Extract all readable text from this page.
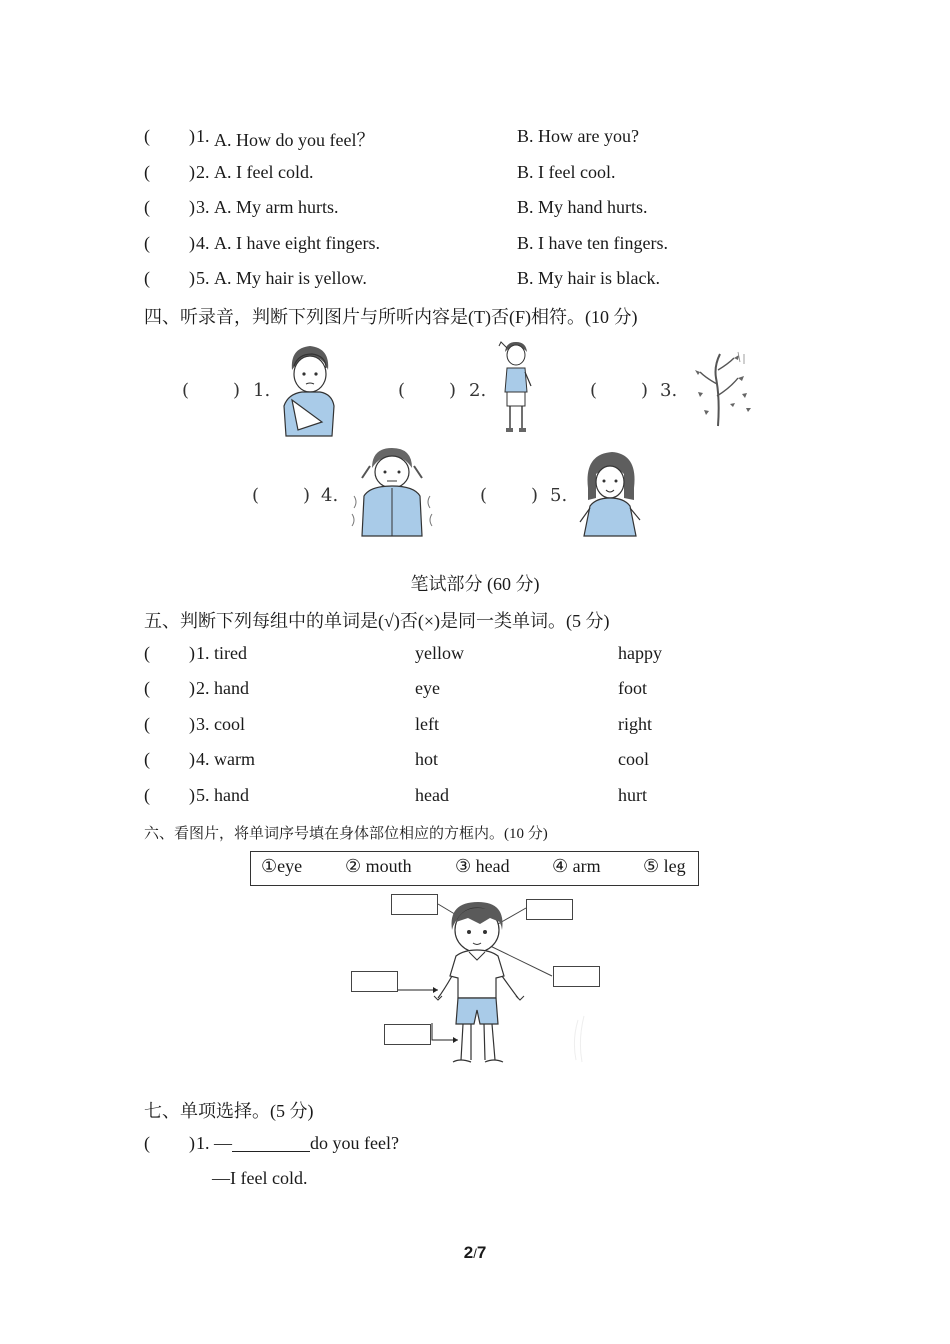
( ) 1. A. How do you feel？	B. How are you?
( ) 2. A. I feel cold.	B. I feel cool.
( ) 3. A. My arm hurts.	B. My hand hurts.
( ) 4. A. I have eight fingers.	B. I have ten fingers.
( ) 5. A. My hair is yellow.	B. My hair is black.
四、听录音，判断下列图片与所听内容是(T)否(F)相符。(10 分)
( ) 1.	( ) 2.	( ) 3.
( ) 4.	( ) 5.
笔试部分 (60 分)
五、判断下列每组中的单词是(√)否(×)是同一类单词。(5 分)
( ) 1. tired	yellow	happy
( ) 2. hand	eye	foot
( ) 3. cool	left	right
( ) 4. warm	hot	cool
( ) 5. hand	head	hurt
六、看图片，将单词序号填在身体部位相应的方框内。(10 分)
①eye ② mouth ③ head ④ arm ⑤ leg
七、单项选择。(5 分)
( ) 1. —	do you feel?
—I feel cold.
2/7
